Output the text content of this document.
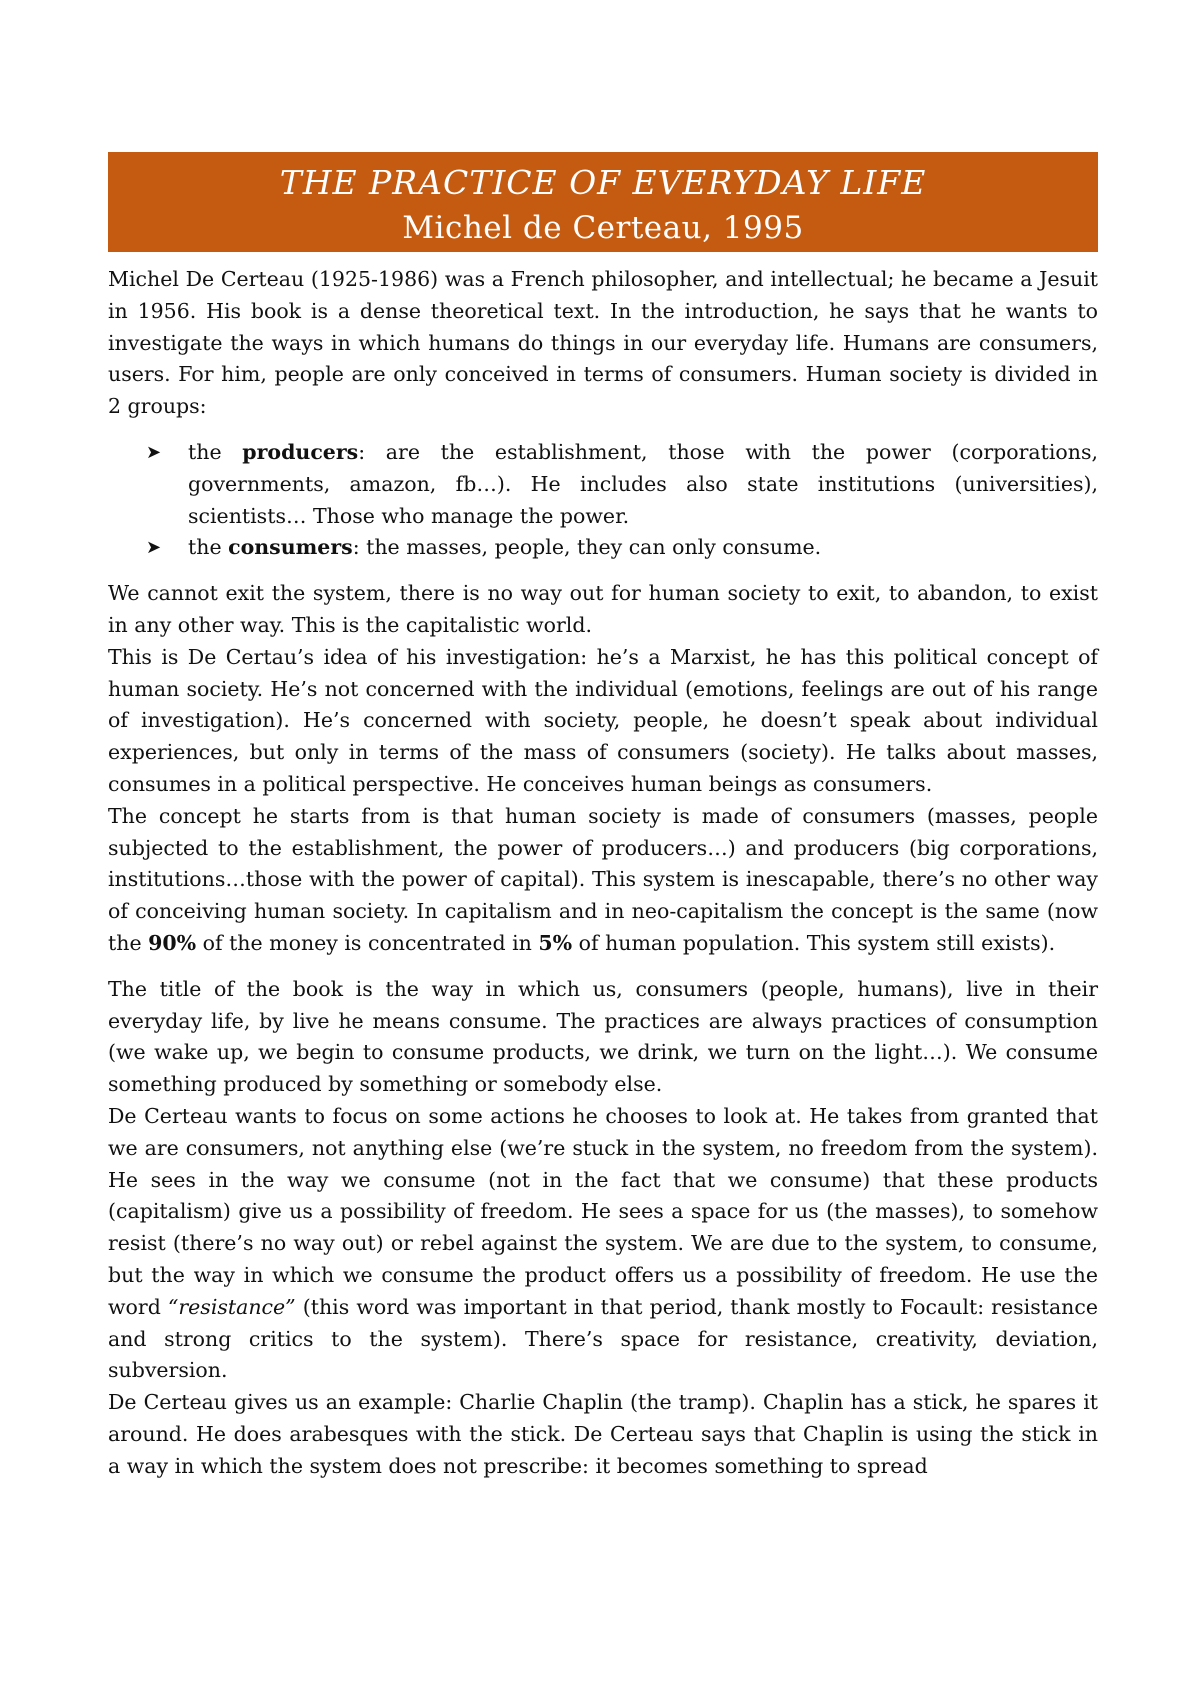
THE PRACTICE OF EVERYDAY LIFE
Michel de Certeau, 1995

Michel De Certeau (1925-1986) was a French philosopher, and intellectual; he became a Jesuit in 1956. His book is a dense theoretical text. In the introduction, he says that he wants to investigate the ways in which humans do things in our everyday life. Humans are consumers, users. For him, people are only conceived in terms of consumers. Human society is divided in 2 groups:

➤ the producers: are the establishment, those with the power (corporations, governments, amazon, fb…). He includes also state institutions (universities), scientists… Those who manage the power.
➤ the consumers: the masses, people, they can only consume.

We cannot exit the system, there is no way out for human society to exit, to abandon, to exist in any other way. This is the capitalistic world.

This is De Certau’s idea of his investigation: he’s a Marxist, he has this political concept of human society. He’s not concerned with the individual (emotions, feelings are out of his range of investigation). He’s concerned with society, people, he doesn’t speak about individual experiences, but only in terms of the mass of consumers (society). He talks about masses, consumes in a political perspective. He conceives human beings as consumers.

The concept he starts from is that human society is made of consumers (masses, people subjected to the establishment, the power of producers…) and producers (big corporations, institutions…those with the power of capital). This system is inescapable, there’s no other way of conceiving human society. In capitalism and in neo-capitalism the concept is the same (now the 90% of the money is concentrated in 5% of human population. This system still exists).

The title of the book is the way in which us, consumers (people, humans), live in their everyday life, by live he means consume. The practices are always practices of consumption (we wake up, we begin to consume products, we drink, we turn on the light…). We consume something produced by something or somebody else.

De Certeau wants to focus on some actions he chooses to look at. He takes from granted that we are consumers, not anything else (we’re stuck in the system, no freedom from the system). He sees in the way we consume (not in the fact that we consume) that these products (capitalism) give us a possibility of freedom. He sees a space for us (the masses), to somehow resist (there’s no way out) or rebel against the system. We are due to the system, to consume, but the way in which we consume the product offers us a possibility of freedom. He use the word “resistance” (this word was important in that period, thank mostly to Focault: resistance and strong critics to the system). There’s space for resistance, creativity, deviation, subversion.

De Certeau gives us an example: Charlie Chaplin (the tramp). Chaplin has a stick, he spares it around. He does arabesques with the stick. De Certeau says that Chaplin is using the stick in a way in which the system does not prescribe: it becomes something to spread
